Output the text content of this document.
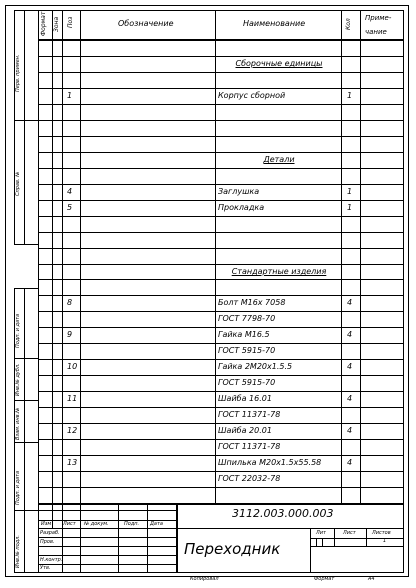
Перв. примен.
Справ. №
Подп. и дата
Инв.№ дубл.
Взам. инв.№
Подп. и дата
Инв.№ подл.
Формат Зона Поз	Обозначение	Наименование	Кол
Приме-
чание
Сборочные единицы
1	Корпус сборной	1
Детали
4	Заглушка	1
5	Прокладка	1
Стандартные изделия
8	Болт М16х 7058	4
ГОСТ 7798-70
9	Гайка М16.5	4
ГОСТ 5915-70
10	Гайка 2М20х1.5.5	4
ГОСТ 5915-70
11	Шайба 16.01	4
ГОСТ 11371-78
12	Шайба 20.01	4
ГОСТ 11371-78
13	Шпилька М20х1.5х55.58	4
ГОСТ 22032-78
Изм Лист № докум.	Подп. Дата
Разраб.
Пров.
Н.контр.
Утв.
3112.003.000.003
Переходник
Лит	Лист	Листов
1
Копировал	Формат	А4
